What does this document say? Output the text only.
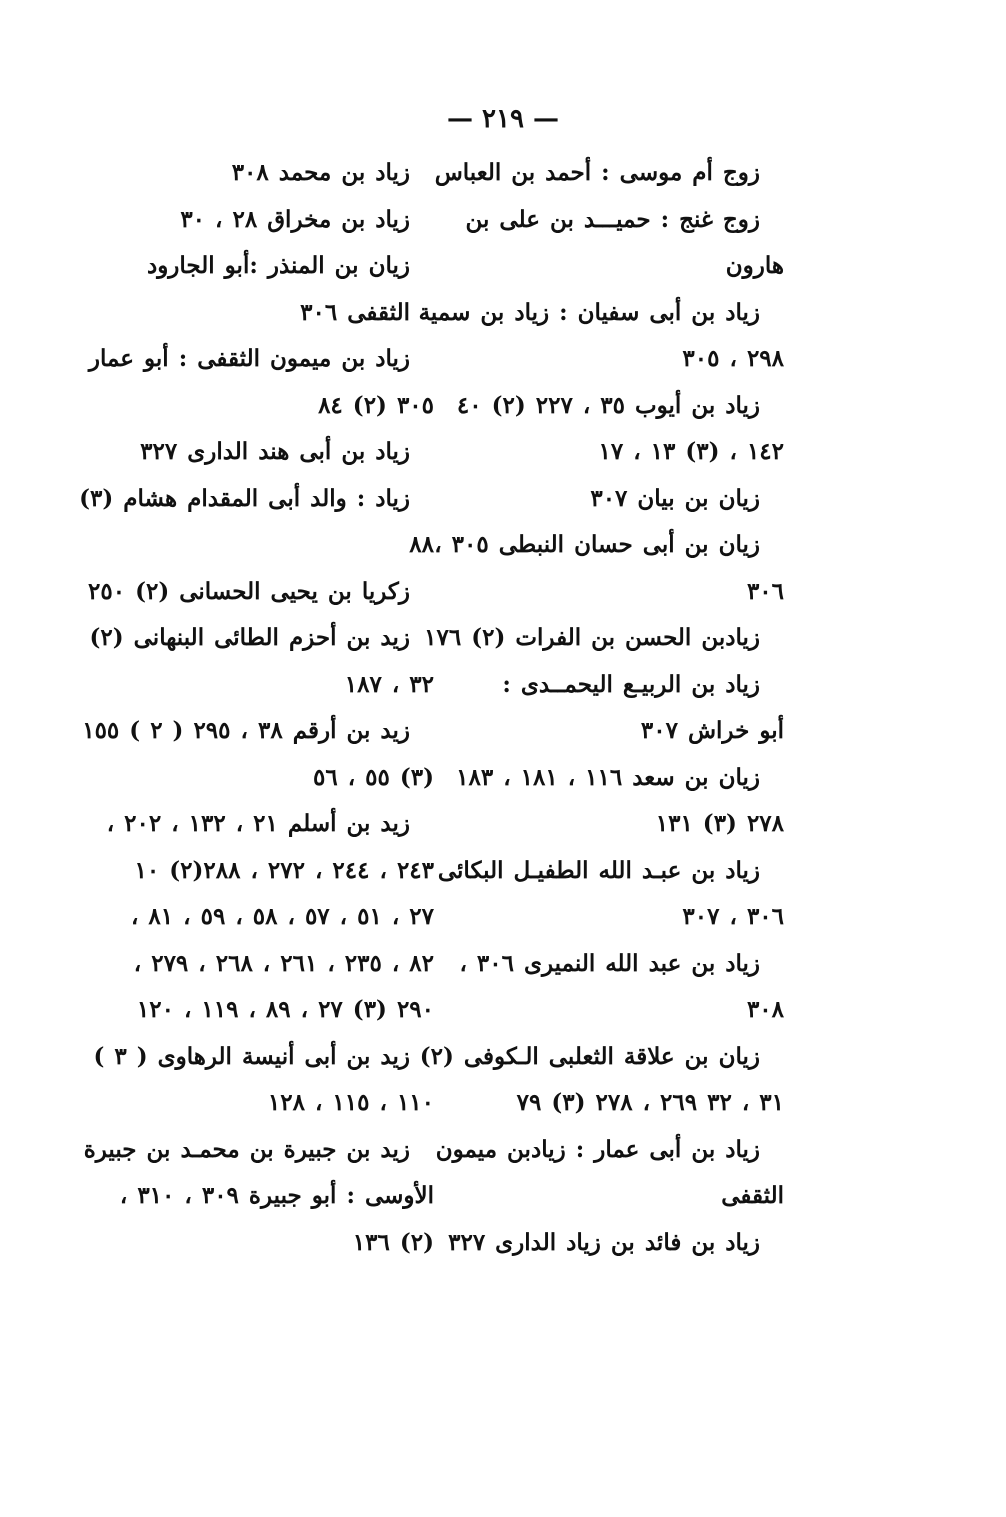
— ٢١٩ —
زوج أم موسى : أحمد بن العباس
زوج غنج : حميـــد بن على بن
هارون
زياد بن أبى سفيان : زياد بن سمية
٢٩٨ ، ٣٠٥
زياد بن أيوب ٣٥ ، ٢٢٧ (٢) ٤٠
١٤٢ ، (٣) ١٣ ، ١٧
زيان بن بيان ٣٠٧
زيان بن أبى حسان النبطى ٣٠٥ ،
٣٠٦
زيادبن الحسن بن الفرات (٢) ١٧٦
زياد بن الربيـع اليحمــدى :
أبو خراش ٣٠٧
زيان بن سعد ١١٦ ، ١٨١ ، ١٨٣
٢٧٨ (٣) ١٣١
زياد بن عبـد الله الطفيـل البكائى
٣٠٦ ، ٣٠٧
زياد بن عبد الله النميرى ٣٠٦ ،
٣٠٨
زيان بن علاقة الثعلبى الـكوفى (٢)
٣١ ، ٣٢ ٢٦٩ ، ٢٧٨ (٣) ٧٩
زياد بن أبى عمار : زيادبن ميمون
الثقفى
زياد بن فائد بن زياد الدارى ٣٢٧
زياد بن محمد ٣٠٨
زياد بن مخراق ٢٨ ، ٣٠
زيان بن المنذر :أبو الجارود
الثقفى ٣٠٦
زياد بن ميمون الثقفى : أبو عمار
٣٠٥ (٢) ٨٤
زياد بن أبى هند الدارى ٣٢٧
زياد : والد أبى المقدام هشام (٣)
٨٨
زكريا بن يحيى الحسانى (٢) ٢٥٠
زيد بن أحزم الطائى البنهانى (٢)
٣٢ ، ١٨٧
زيد بن أرقم ٣٨ ، ٢٩٥ ( ٢ ) ١٥٥
(٣) ٥٥ ، ٥٦
زيد بن أسلم ٢١ ، ١٣٢ ، ٢٠٢ ،
٢٤٣ ، ٢٤٤ ، ٢٧٢ ، ٢٨٨(٢) ١٠
٢٧ ، ٥١ ، ٥٧ ، ٥٨ ، ٥٩ ، ٨١ ،
٨٢ ، ٢٣٥ ، ٢٦١ ، ٢٦٨ ، ٢٧٩ ،
٢٩٠ (٣) ٢٧ ، ٨٩ ، ١١٩ ، ١٢٠
زيد بن أبى أنيسة الرهاوى ( ٣ )
١١٠ ، ١١٥ ، ١٢٨
زيد بن جبيرة بن محمـد بن جبيرة
الأوسى : أبو جبيرة ٣٠٩ ، ٣١٠ ،
(٢) ١٣٦
